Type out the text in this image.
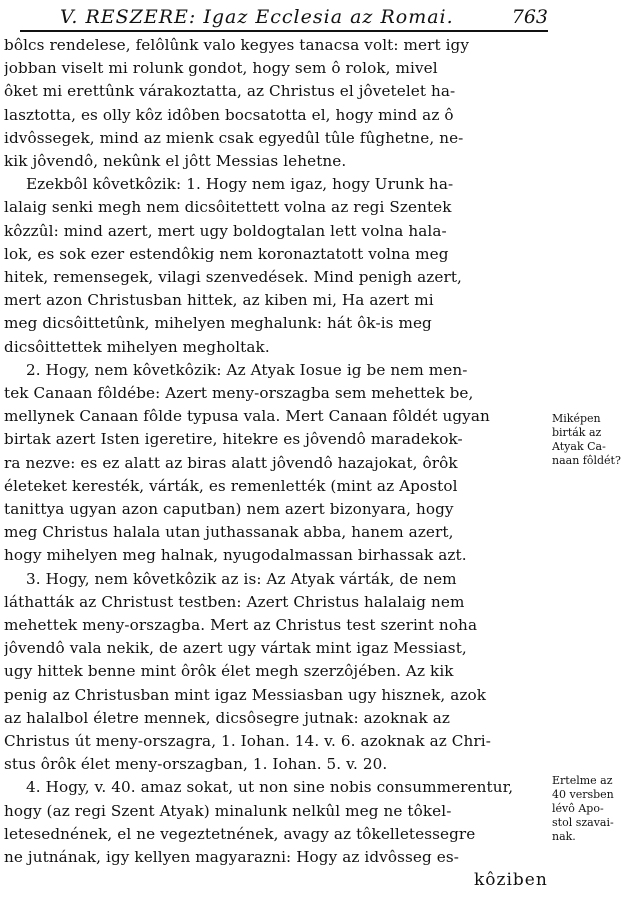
V. RESZERE: Igaz Ecclesia az Romai.	763
bôlcs rendelese, felôlûnk valo kegyes tanacsa volt: mert igy
jobban viselt mi rolunk gondot, hogy sem ô rolok, mivel
ôket mi erettûnk várakoztatta, az Christus el jôvetelet ha-
lasztotta, es olly kôz idôben bocsatotta el, hogy mind az ô
idvôssegek, mind az mienk csak egyedûl tûle fûghetne, ne-
kik jôvendô, nekûnk el jôtt Messias lehetne.
Ezekbôl kôvetkôzik: 1. Hogy nem igaz, hogy Urunk ha-
lalaig senki megh nem dicsôitettett volna az regi Szentek
kôzzûl: mind azert, mert ugy boldogtalan lett volna hala-
lok, es sok ezer estendôkig nem koronaztatott volna meg
hitek, remensegek, vilagi szenvedések. Mind penigh azert,
mert azon Christusban hittek, az kiben mi, Ha azert mi
meg dicsôittetûnk, mihelyen meghalunk: hát ôk-is meg
dicsôittettek mihelyen megholtak.
2. Hogy, nem kôvetkôzik: Az Atyak Iosue ig be nem men-
tek Canaan fôldébe: Azert meny-orszagba sem mehettek be,
mellynek Canaan fôlde typusa vala. Mert Canaan fôldét ugyan
birtak azert Isten igeretire, hitekre es jôvendô maradekok-
ra nezve: es ez alatt az biras alatt jôvendô hazajokat, ôrôk
életeket keresték, várták, es remenlették (mint az Apostol
tanittya ugyan azon caputban) nem azert bizonyara, hogy
meg Christus halala utan juthassanak abba, hanem azert,
hogy mihelyen meg halnak, nyugodalmassan birhassak azt.
3. Hogy, nem kôvetkôzik az is: Az Atyak várták, de nem
láthatták az Christust testben: Azert Christus halalaig nem
mehettek meny-orszagba. Mert az Christus test szerint noha
jôvendô vala nekik, de azert ugy vártak mint igaz Messiast,
ugy hittek benne mint ôrôk élet megh szerzôjében. Az kik
penig az Christusban mint igaz Messiasban ugy hisznek, azok
az halalbol életre mennek, dicsôsegre jutnak: azoknak az
Christus út meny-orszagra, 1. Iohan. 14. v. 6. azoknak az Chri-
stus ôrôk élet meny-orszagban, 1. Iohan. 5. v. 20.
4. Hogy, v. 40. amaz sokat, ut non sine nobis consummerentur,
hogy (az regi Szent Atyak) minalunk nelkûl meg ne tôkel-
letesednének, el ne vegeztetnének, avagy az tôkelletessegre
ne jutnának, igy kellyen magyarazni: Hogy az idvôsseg es-
Miképen
birták az
Atyak Ca-
naan fôldét?
Ertelme az
40 versben
lévô Apo-
stol szavai-
nak.
kôziben
